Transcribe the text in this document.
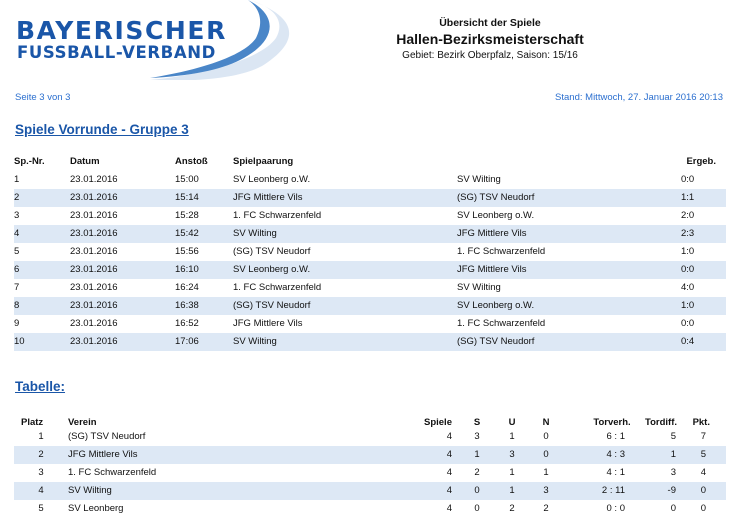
BAYERISCHER
FUSSBALL-VERBAND
Übersicht der Spiele
Hallen-Bezirksmeisterschaft
Gebiet: Bezirk Oberpfalz, Saison: 15/16
Seite 3 von 3	Stand: Mittwoch, 27. Januar 2016 20:13
Spiele Vorrunde - Gruppe 3
Sp.-Nr.	Datum	Anstoß	Spielpaarung	Ergeb.
1	23.01.2016	15:00	SV Leonberg o.W.	SV Wilting	0:0
2	23.01.2016	15:14	JFG Mittlere Vils	(SG) TSV Neudorf	1:1
3	23.01.2016	15:28	1. FC Schwarzenfeld	SV Leonberg o.W.	2:0
4	23.01.2016	15:42	SV Wilting	JFG Mittlere Vils	2:3
5	23.01.2016	15:56	(SG) TSV Neudorf	1. FC Schwarzenfeld	1:0
6	23.01.2016	16:10	SV Leonberg o.W.	JFG Mittlere Vils	0:0
7	23.01.2016	16:24	1. FC Schwarzenfeld	SV Wilting	4:0
8	23.01.2016	16:38	(SG) TSV Neudorf	SV Leonberg o.W.	1:0
9	23.01.2016	16:52	JFG Mittlere Vils	1. FC Schwarzenfeld	0:0
10	23.01.2016	17:06	SV Wilting	(SG) TSV Neudorf	0:4
Tabelle:
Platz	Verein	Spiele	S	U	N	Torverh.	Tordiff. Pkt.
1	(SG) TSV Neudorf	4	3	1	0	6 : 1	5	7
2	JFG Mittlere Vils	4	1	3	0	4 : 3	1	5
3	1. FC Schwarzenfeld	4	2	1	1	4 : 1	3	4
4	SV Wilting	4	0	1	3	2 : 11	-9	0
5	SV Leonberg	4	0	2	2	0 : 0	0	0
